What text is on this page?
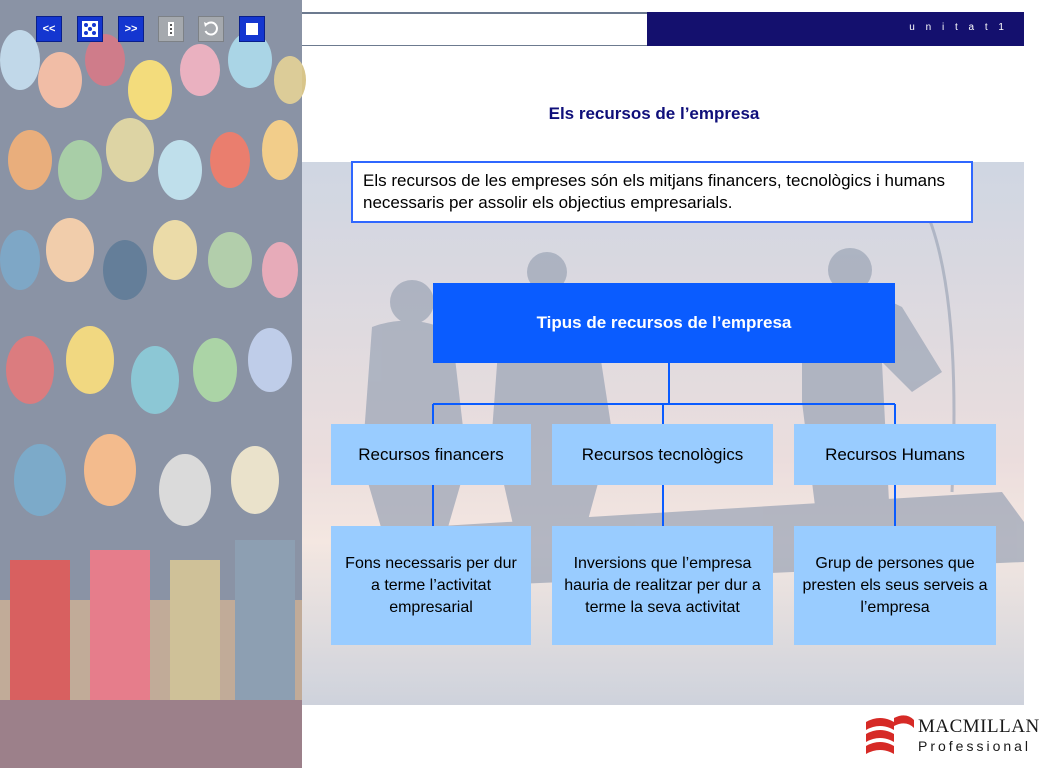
<<	>>	u n i t a t 1
Els recursos de l’empresa
Els recursos de les empreses són els mitjans financers, tecnològics i humans necessaris per assolir els objectius empresarials.
Tipus de recursos de l’empresa
Recursos financers	Recursos tecnològics	Recursos Humans
Fons necessaris per dur a terme l’activitat empresarial
Inversions que l’empresa hauria de realitzar per dur a terme la seva activitat
Grup de persones que presten els seus serveis a l’empresa
MACMILLAN
Professional
